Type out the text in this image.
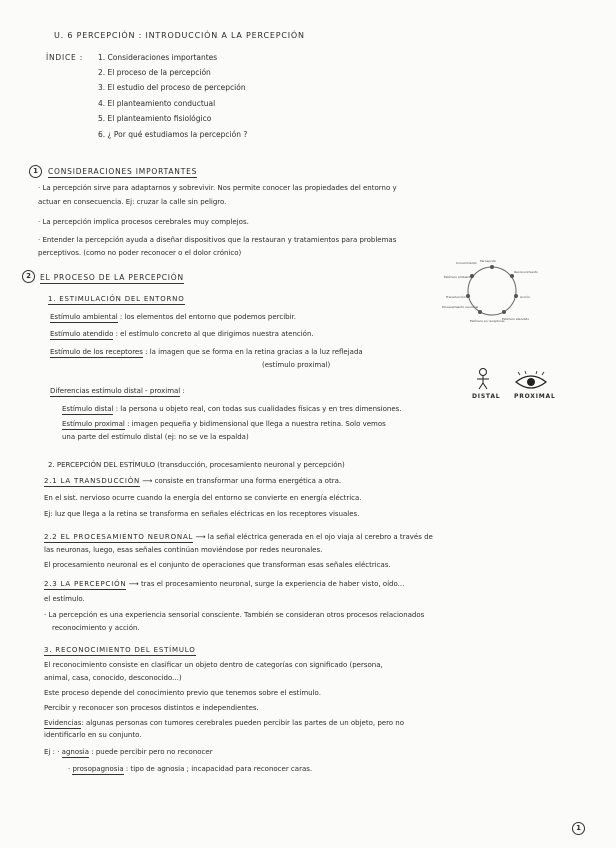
U. 6 PERCEPCIÓN : INTRODUCCIÓN A LA PERCEPCIÓN
ÍNDICE : 1. Consideraciones importantes
2. El proceso de la percepción
3. El estudio del proceso de percepción
4. El planteamiento conductual
5. El planteamiento fisiológico
6. ¿ Por qué estudiamos la percepción ?
1	CONSIDERACIONES IMPORTANTES
· La percepción sirve para adaptarnos y sobrevivir. Nos permite conocer las propiedades del entorno y
actuar en consecuencia. Ej: cruzar la calle sin peligro.
· La percepción implica procesos cerebrales muy complejos.
· Entender la percepción ayuda a diseñar dispositivos que la restauran y tratamientos para problemas
perceptivos. (como no poder reconocer o el dolor crónico)
2	EL PROCESO DE LA PERCEPCIÓN
1. ESTIMULACIÓN DEL ENTORNO
Estímulo ambiental : los elementos del entorno que podemos percibir.
Estímulo atendido : el estímulo concreto al que dirigimos nuestra atención.
Estímulo de los receptores : la imagen que se forma en la retina gracias a la luz reflejada
(estímulo proximal)
Diferencias estímulo distal - proximal :
Estímulo distal : la persona u objeto real, con todas sus cualidades físicas y en tres dimensiones.
Estímulo proximal : imagen pequeña y bidimensional que llega a nuestra retina. Solo vemos
una parte del estímulo distal (ej: no se ve la espalda)
Percepción
Conocimiento
Reconocimiento
Acción
Estímulo atendido
Estímulo en receptores
Procesamiento neuronal
Transducción
Estímulo ambiental
DISTAL PROXIMAL
2. PERCEPCIÓN DEL ESTÍMULO (transducción, procesamiento neuronal y percepción)
2.1 LA TRANSDUCCIÓN ⟶ consiste en transformar una forma energética a otra.
En el sist. nervioso ocurre cuando la energía del entorno se convierte en energía eléctrica.
Ej: luz que llega a la retina se transforma en señales eléctricas en los receptores visuales.
2.2 EL PROCESAMIENTO NEURONAL ⟶ la señal eléctrica generada en el ojo viaja al cerebro a través de
las neuronas, luego, esas señales continúan moviéndose por redes neuronales.
El procesamiento neuronal es el conjunto de operaciones que transforman esas señales eléctricas.
2.3 LA PERCEPCIÓN ⟶ tras el procesamiento neuronal, surge la experiencia de haber visto, oído...
el estímulo.
· La percepción es una experiencia sensorial consciente. También se consideran otros procesos relacionados
reconocimiento y acción.
3. RECONOCIMIENTO DEL ESTÍMULO
El reconocimiento consiste en clasificar un objeto dentro de categorías con significado (persona,
animal, casa, conocido, desconocido...)
Este proceso depende del conocimiento previo que tenemos sobre el estímulo.
Percibir y reconocer son procesos distintos e independientes.
Evidencias: algunas personas con tumores cerebrales pueden percibir las partes de un objeto, pero no
identificarlo en su conjunto.
Ej : · agnosia : puede percibir pero no reconocer
· prosopagnosia : tipo de agnosia ; incapacidad para reconocer caras.
1
